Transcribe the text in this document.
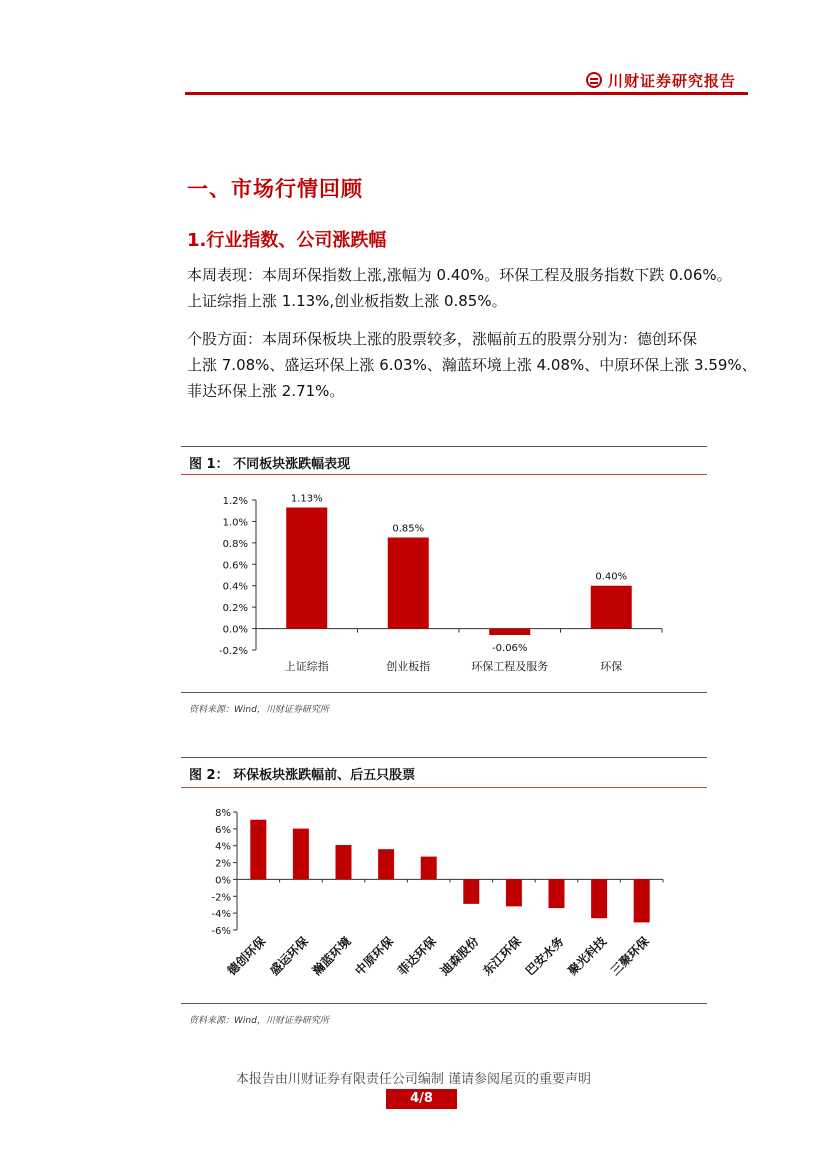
川财证券研究报告
一、市场行情回顾
1.行业指数、公司涨跌幅

本周表现：本周环保指数上涨,涨幅为 0.40%。环保工程及服务指数下跌 0.06%。

上证综指上涨 1.13%,创业板指数上涨 0.85%。

个股方面：本周环保板块上涨的股票较多，涨幅前五的股票分别为：德创环保

上涨 7.08%、盛运环保上涨 6.03%、瀚蓝环境上涨 4.08%、中原环保上涨 3.59%、

菲达环保上涨 2.71%。

图 1： 不同板块涨跌幅表现
1.2%
1.0%
0.8%
0.6%
0.4%
0.2%
0.0%
-0.2%
1.13%
上证综指
0.85%
创业板指
-0.06%
环保工程及服务
0.40%
环保
资料来源：Wind，川财证券研究所
图 2： 环保板块涨跌幅前、后五只股票
8%
6%
4%
2%
0%
-2%
-4%
-6%
德创环保
盛运环保
瀚蓝环境
中原环保
菲达环保
迪森股份
东江环保
巴安水务
聚光科技
三聚环保
资料来源：Wind，川财证券研究所
本报告由川财证券有限责任公司编制 谨请参阅尾页的重要声明
4/8
